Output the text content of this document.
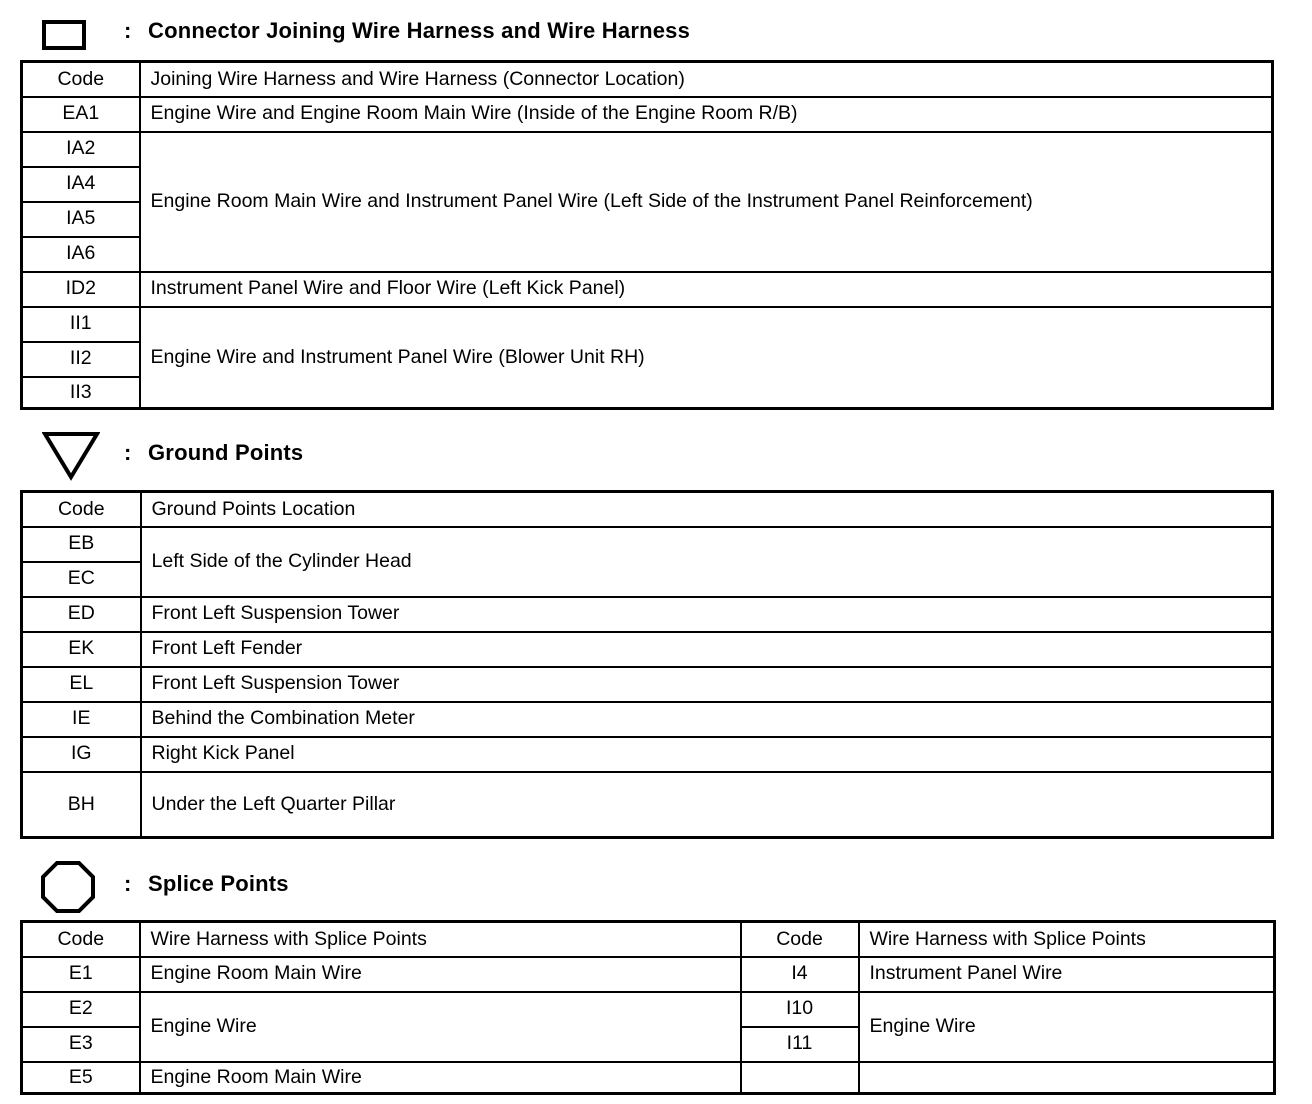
: Connector Joining Wire Harness and Wire Harness
Code	Joining Wire Harness and Wire Harness (Connector Location)
EA1	Engine Wire and Engine Room Main Wire (Inside of the Engine Room R/B)
IA2	Engine Room Main Wire and Instrument Panel Wire (Left Side of the Instrument Panel Reinforcement)
IA4	
IA5	
IA6	
ID2	Instrument Panel Wire and Floor Wire (Left Kick Panel)
II1	Engine Wire and Instrument Panel Wire (Blower Unit RH)
II2	
II3	
: Ground Points
Code	Ground Points Location
EB	Left Side of the Cylinder Head
EC	
ED	Front Left Suspension Tower
EK	Front Left Fender
EL	Front Left Suspension Tower
IE	Behind the Combination Meter
IG	Right Kick Panel
BH	Under the Left Quarter Pillar
: Splice Points
Code	Wire Harness with Splice Points	Code	Wire Harness with Splice Points
E1	Engine Room Main Wire	I4	Instrument Panel Wire
E2	Engine Wire	I10	Engine Wire
E3		I11	
E5	Engine Room Main Wire		
